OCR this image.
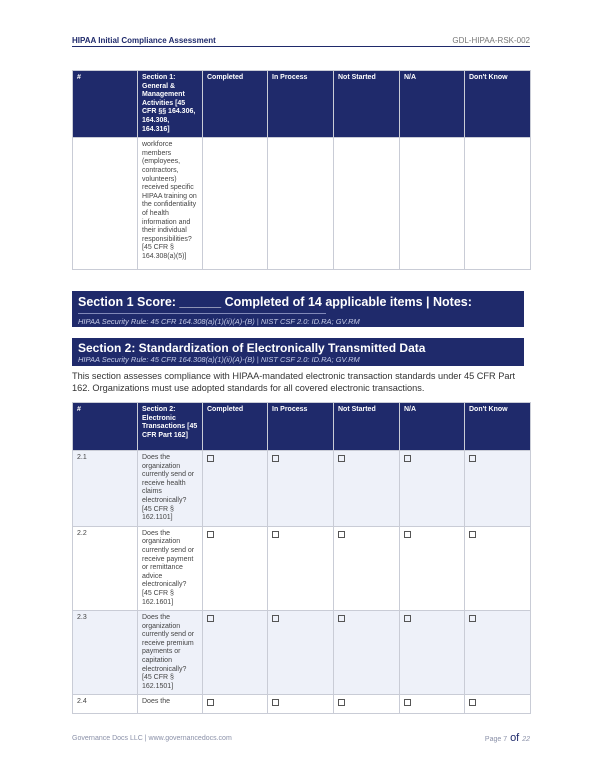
HIPAA Initial Compliance Assessment	GDL-HIPAA-RSK-002
#	Section 1: General & Management Activities [45 CFR §§ 164.306, 164.308, 164.316]	Completed	In Process	Not Started	N/A	Don't Know
	workforce members (employees, contractors, volunteers) received specific HIPAA training on the confidentiality of health information and their individual responsibilities? [45 CFR § 164.308(a)(5)]					
Section 1 Score: ______ Completed of 14 applicable items | Notes:
HIPAA Security Rule: 45 CFR 164.308(a)(1)(ii)(A)-(B) | NIST CSF 2.0: ID.RA; GV.RM
Section 2: Standardization of Electronically Transmitted Data
HIPAA Security Rule: 45 CFR 164.308(a)(1)(ii)(A)-(B) | NIST CSF 2.0: ID.RA; GV.RM
This section assesses compliance with HIPAA-mandated electronic transaction standards under 45 CFR Part 162. Organizations must use adopted standards for all covered electronic transactions.
#	Section 2: Electronic Transactions [45 CFR Part 162]	Completed	In Process	Not Started	N/A	Don't Know
2.1	Does the organization currently send or receive health claims electronically? [45 CFR § 162.1101]					
2.2	Does the organization currently send or receive payment or remittance advice electronically? [45 CFR § 162.1601]					
2.3	Does the organization currently send or receive premium payments or capitation electronically? [45 CFR § 162.1501]					
2.4	Does the					
Governance Docs LLC | www.governancedocs.com	Page 7 of 22
